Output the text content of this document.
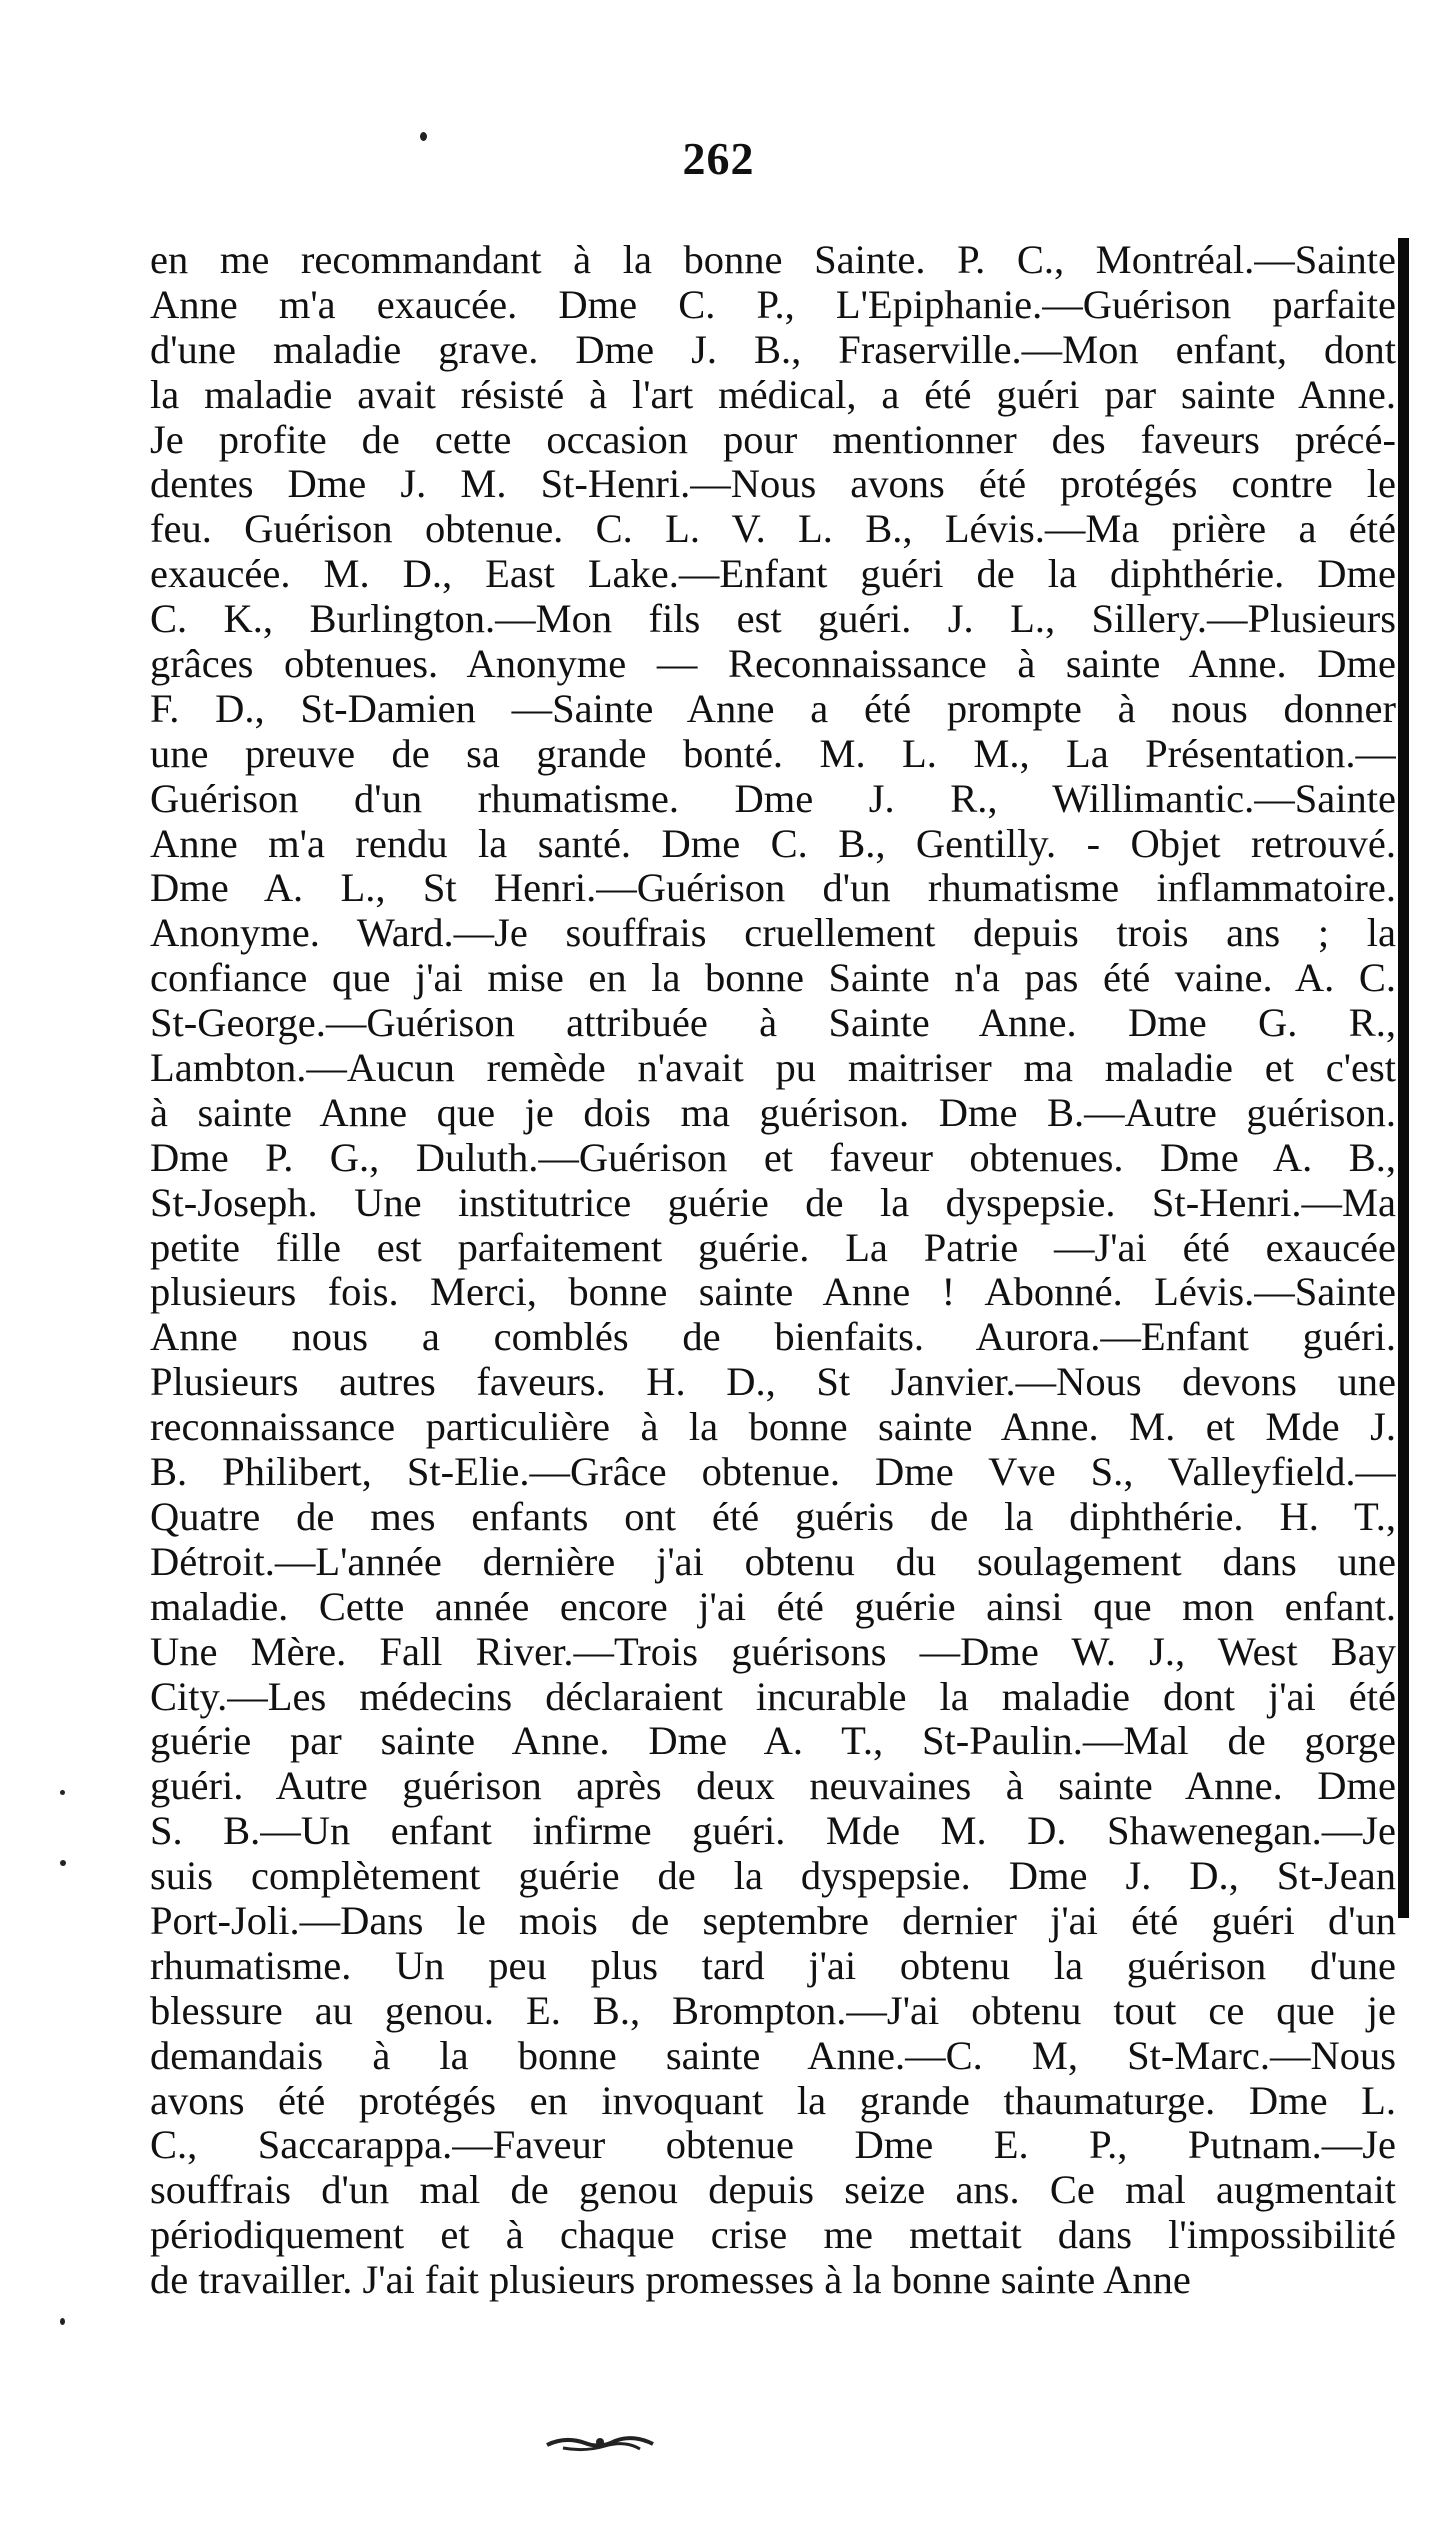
262
en me recommandant à la bonne Sainte. P. C., Montréal.—Sainte
Anne m'a exaucée. Dme C. P., L'Epiphanie.—Guérison parfaite
d'une maladie grave. Dme J. B., Fraserville.—Mon enfant, dont
la maladie avait résisté à l'art médical, a été guéri par sainte Anne.
Je profite de cette occasion pour mentionner des faveurs précé-
dentes Dme J. M. St-Henri.—Nous avons été protégés contre le
feu. Guérison obtenue. C. L. V. L. B., Lévis.—Ma prière a été
exaucée. M. D., East Lake.—Enfant guéri de la diphthérie. Dme
C. K., Burlington.—Mon fils est guéri. J. L., Sillery.—Plusieurs
grâces obtenues. Anonyme — Reconnaissance à sainte Anne. Dme
F. D., St-Damien —Sainte Anne a été prompte à nous donner
une preuve de sa grande bonté. M. L. M., La Présentation.—
Guérison d'un rhumatisme. Dme J. R., Willimantic.—Sainte
Anne m'a rendu la santé. Dme C. B., Gentilly. - Objet retrouvé.
Dme A. L., St Henri.—Guérison d'un rhumatisme inflammatoire.
Anonyme. Ward.—Je souffrais cruellement depuis trois ans ; la
confiance que j'ai mise en la bonne Sainte n'a pas été vaine. A. C.
St-George.—Guérison attribuée à Sainte Anne. Dme G. R.,
Lambton.—Aucun remède n'avait pu maitriser ma maladie et c'est
à sainte Anne que je dois ma guérison. Dme B.—Autre guérison.
Dme P. G., Duluth.—Guérison et faveur obtenues. Dme A. B.,
St-Joseph. Une institutrice guérie de la dyspepsie. St-Henri.—Ma
petite fille est parfaitement guérie. La Patrie —J'ai été exaucée
plusieurs fois. Merci, bonne sainte Anne ! Abonné. Lévis.—Sainte
Anne nous a comblés de bienfaits. Aurora.—Enfant guéri.
Plusieurs autres faveurs. H. D., St Janvier.—Nous devons une
reconnaissance particulière à la bonne sainte Anne. M. et Mde J.
B. Philibert, St-Elie.—Grâce obtenue. Dme Vve S., Valleyfield.—
Quatre de mes enfants ont été guéris de la diphthérie. H. T.,
Détroit.—L'année dernière j'ai obtenu du soulagement dans une
maladie. Cette année encore j'ai été guérie ainsi que mon enfant.
Une Mère. Fall River.—Trois guérisons —Dme W. J., West Bay
City.—Les médecins déclaraient incurable la maladie dont j'ai été
guérie par sainte Anne. Dme A. T., St-Paulin.—Mal de gorge
guéri. Autre guérison après deux neuvaines à sainte Anne. Dme
S. B.—Un enfant infirme guéri. Mde M. D. Shawenegan.—Je
suis complètement guérie de la dyspepsie. Dme J. D., St-Jean
Port-Joli.—Dans le mois de septembre dernier j'ai été guéri d'un
rhumatisme. Un peu plus tard j'ai obtenu la guérison d'une
blessure au genou. E. B., Brompton.—J'ai obtenu tout ce que je
demandais à la bonne sainte Anne.—C. M, St-Marc.—Nous
avons été protégés en invoquant la grande thaumaturge. Dme L.
C., Saccarappa.—Faveur obtenue Dme E. P., Putnam.—Je
souffrais d'un mal de genou depuis seize ans. Ce mal augmentait
périodiquement et à chaque crise me mettait dans l'impossibilité
de travailler. J'ai fait plusieurs promesses à la bonne sainte Anne
